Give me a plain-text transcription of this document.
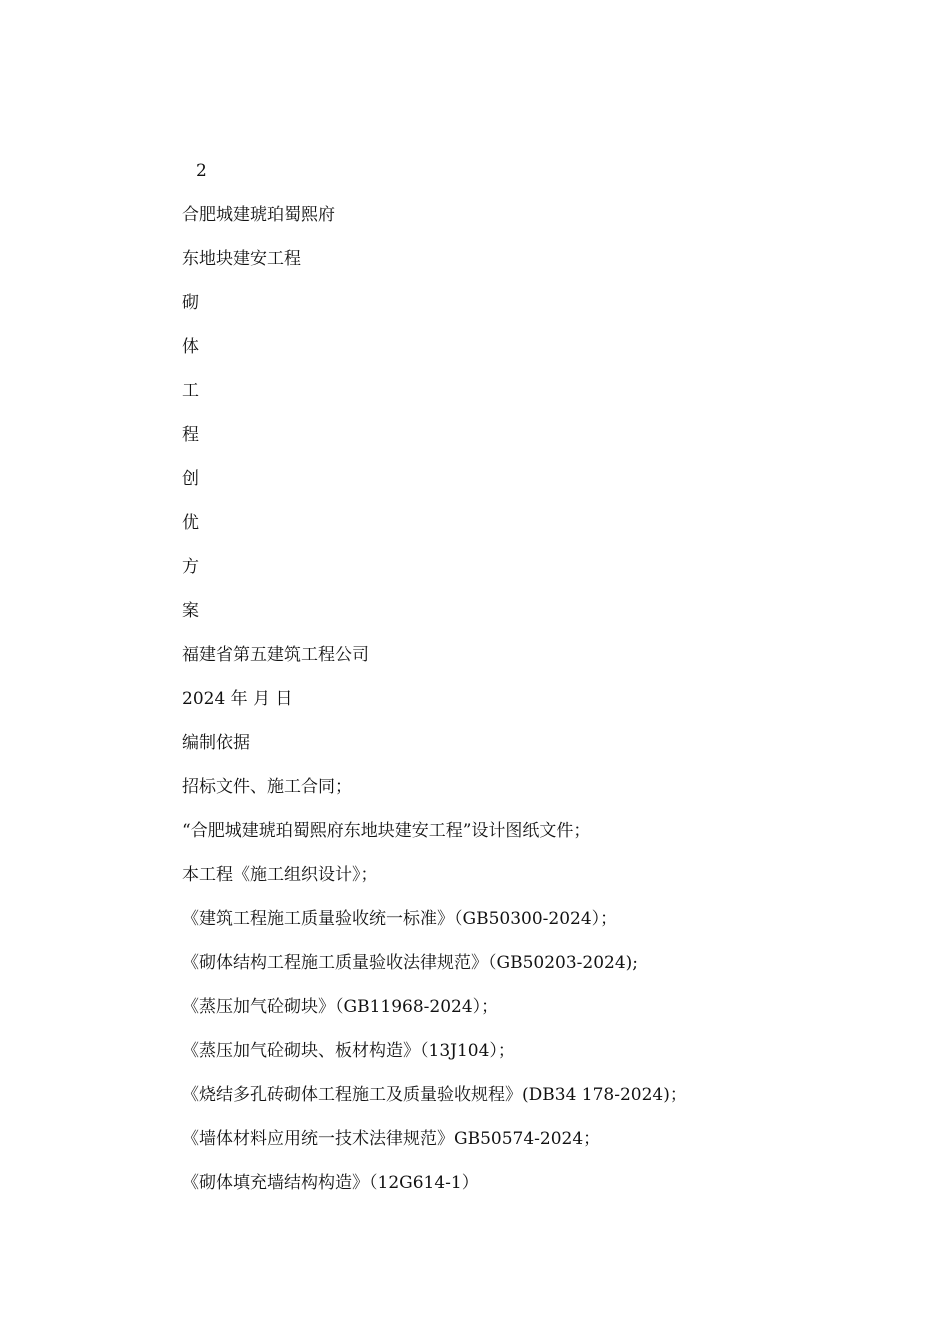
2
合肥城建琥珀蜀熙府
东地块建安工程
砌
体
工
程
创
优
方
案
福建省第五建筑工程公司
2024 年 月 日
编制依据
招标文件、施工合同；
“合肥城建琥珀蜀熙府东地块建安工程”设计图纸文件；
本工程《施工组织设计》；
《建筑工程施工质量验收统一标准》（GB50300-2024）；
《砌体结构工程施工质量验收法律规范》（GB50203-2024);
《蒸压加气砼砌块》（GB11968-2024）；
《蒸压加气砼砌块、板材构造》（13J104）；
《烧结多孔砖砌体工程施工及质量验收规程》(DB34 178-2024)；
《墙体材料应用统一技术法律规范》GB50574-2024；
《砌体填充墙结构构造》（12G614-1）
